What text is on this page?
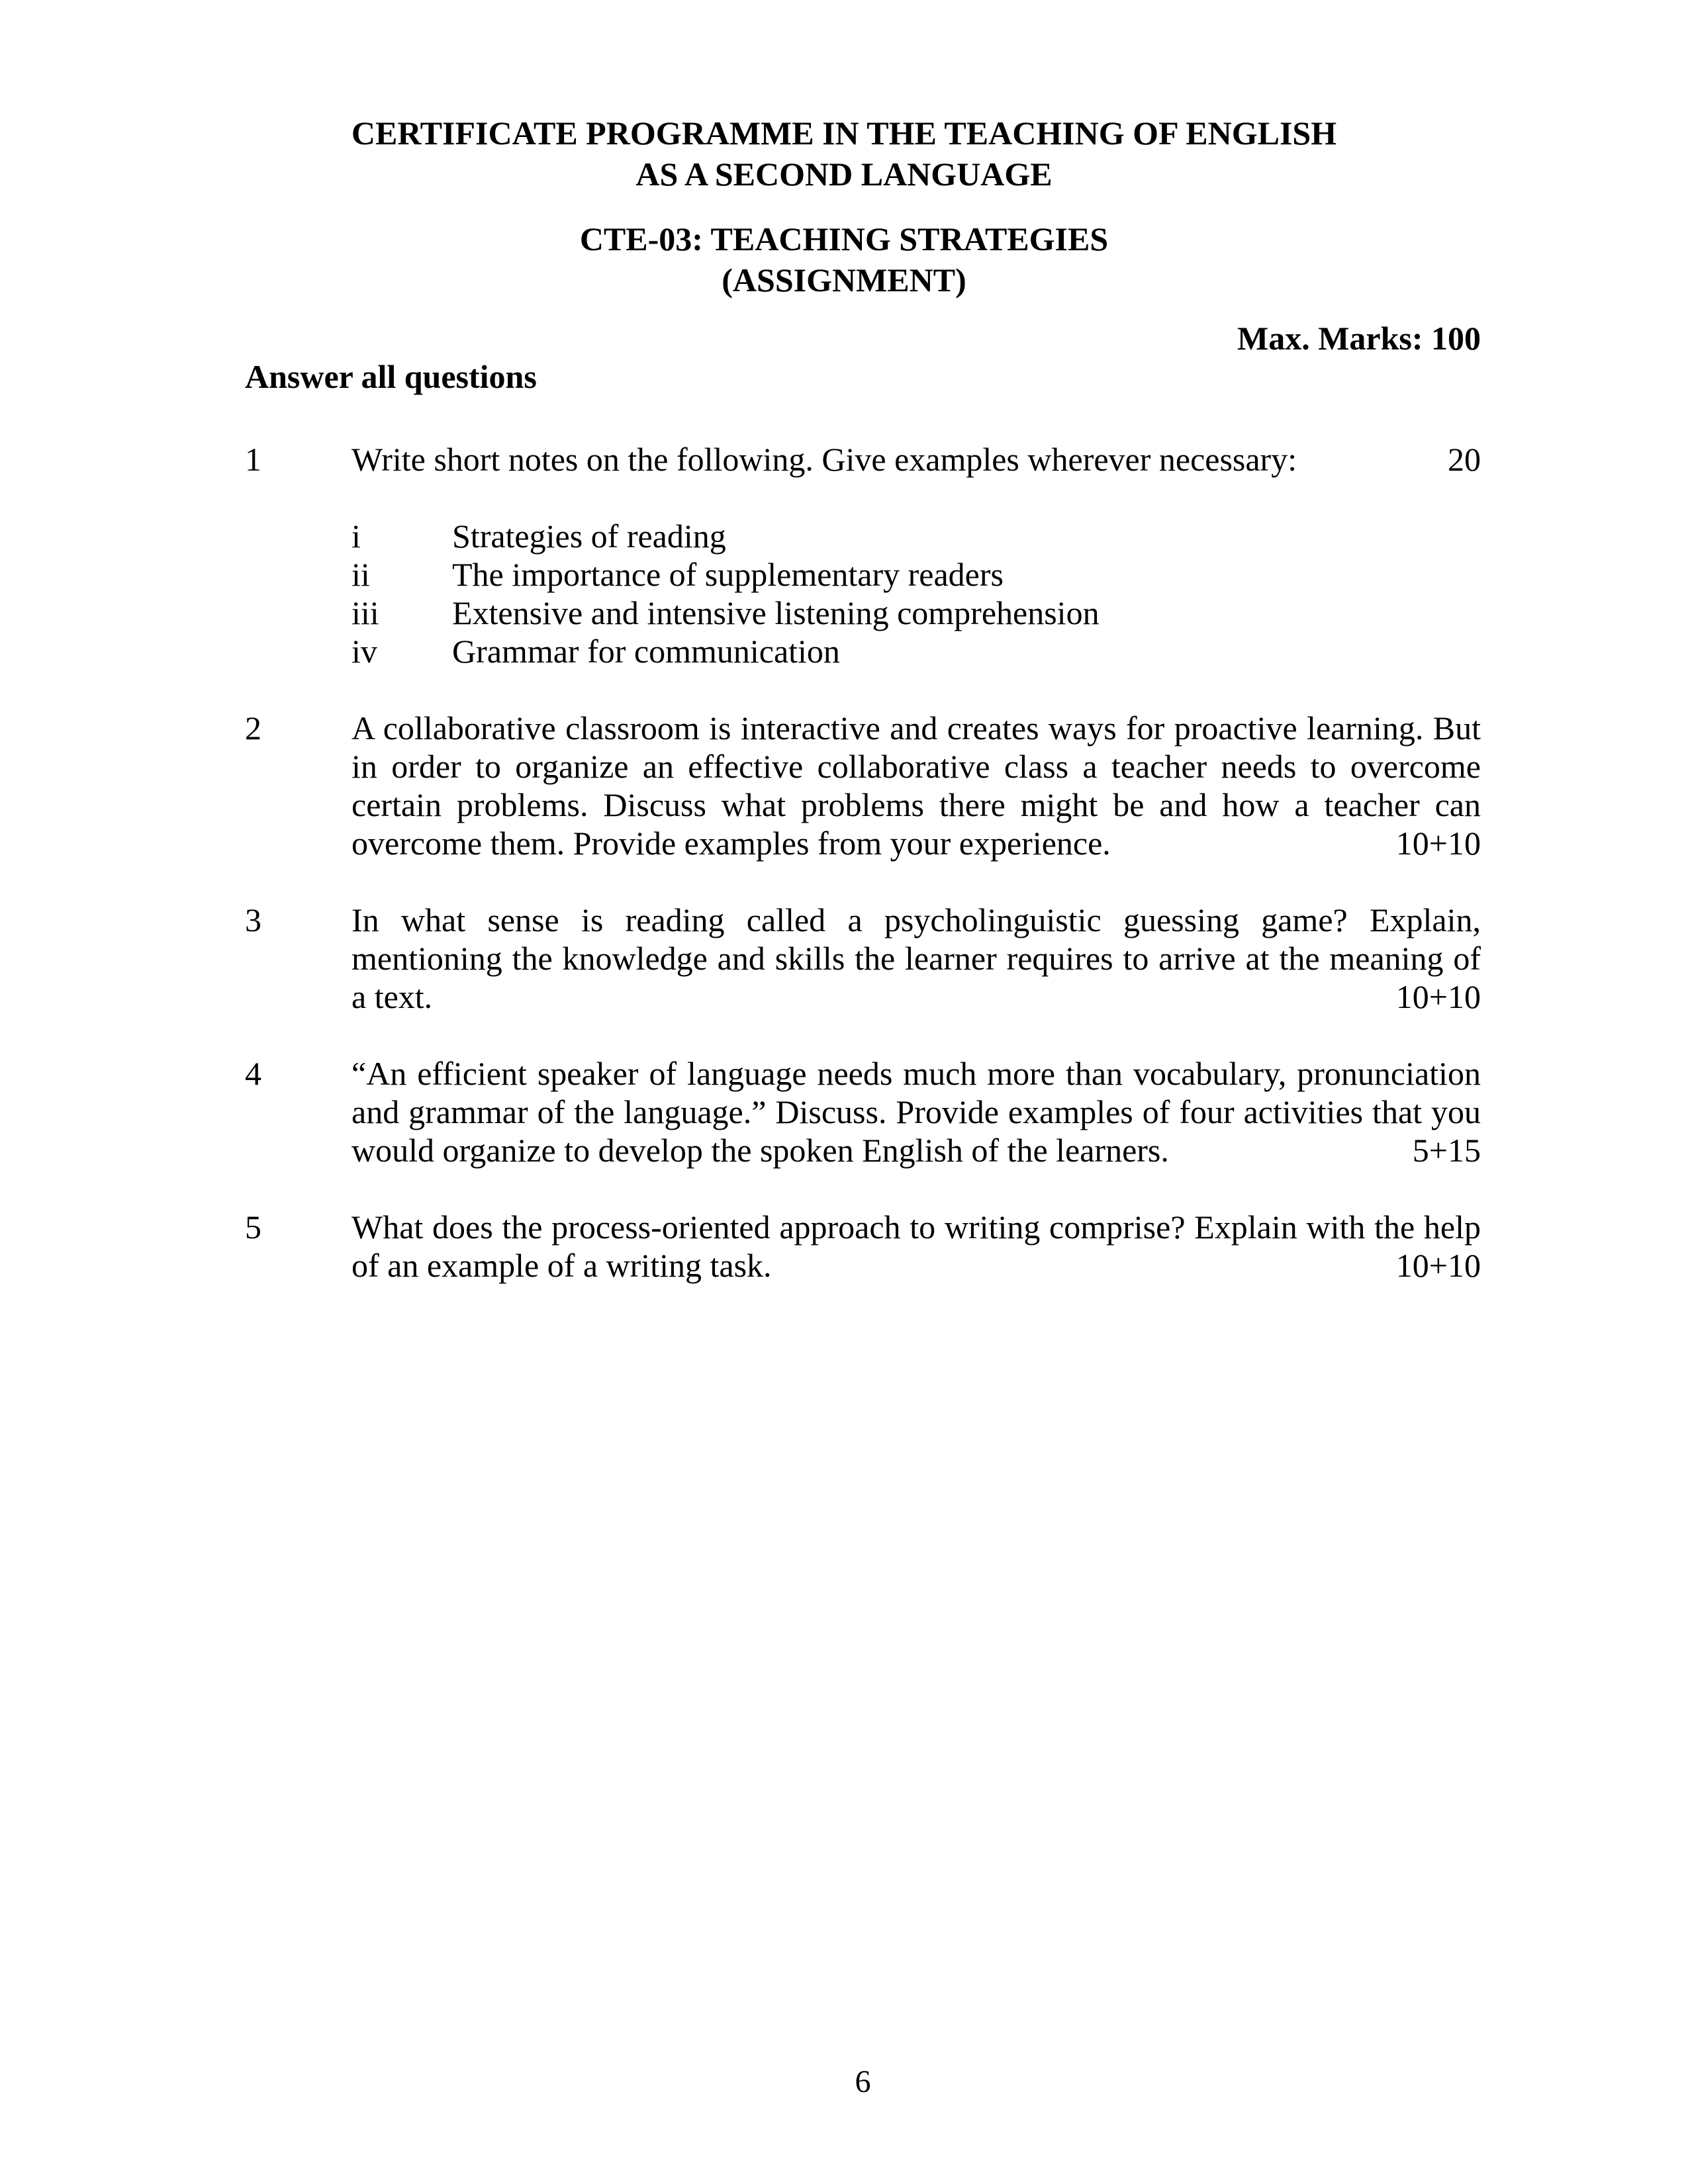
CERTIFICATE PROGRAMME IN THE TEACHING OF ENGLISH
AS A SECOND LANGUAGE
CTE-03: TEACHING STRATEGIES
(ASSIGNMENT)
Max. Marks: 100
Answer all questions
1	Write short notes on the following. Give examples wherever necessary:	20
i	Strategies of reading
ii	The importance of supplementary readers
iii	Extensive and intensive listening comprehension
iv	Grammar for communication
2	A collaborative classroom is interactive and creates ways for proactive learning. But in order to organize an effective collaborative class a teacher needs to overcome certain problems. Discuss what problems there might be and how a teacher can overcome them. Provide examples from your experience.	10+10
3	In what sense is reading called a psycholinguistic guessing game? Explain, mentioning the knowledge and skills the learner requires to arrive at the meaning of a text.	10+10
4	“An efficient speaker of language needs much more than vocabulary, pronunciation and grammar of the language.” Discuss. Provide examples of four activities that you would organize to develop the spoken English of the learners.	5+15
5	What does the process-oriented approach to writing comprise? Explain with the help of an example of a writing task.	10+10
6
